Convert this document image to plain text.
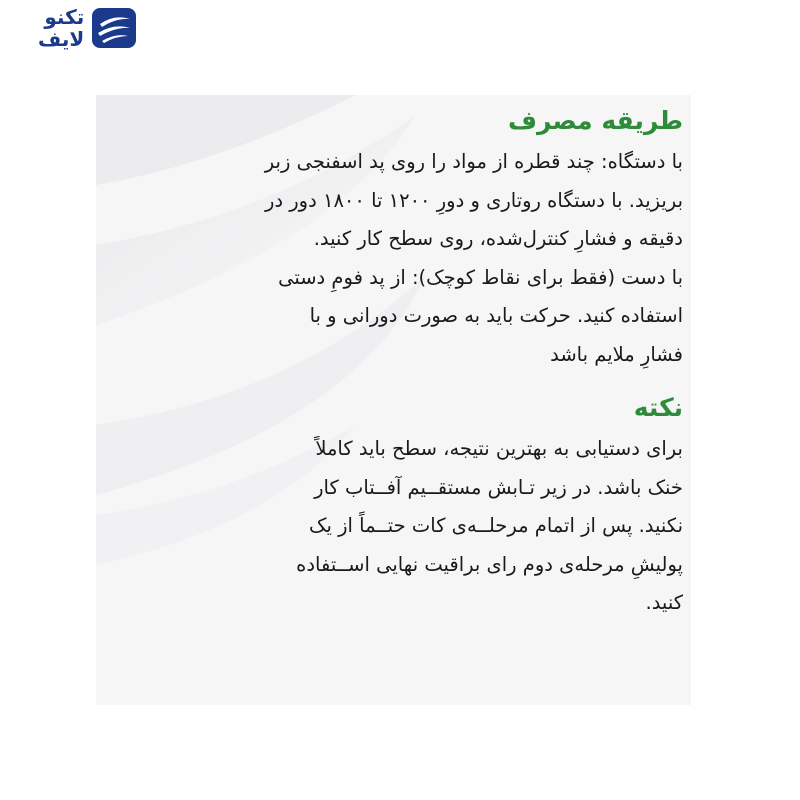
تکنو
لایف
طریقه مصرف

با دستگاه: چند قطره از مواد را روی پد اسفنجی زبر
بریزید. با دستگاه روتاری و دورِ ۱۲۰۰ تا ۱۸۰۰ دور در
دقیقه و فشارِ کنترل‌شده، روی سطح کار کنید.
با دست (فقط برای نقاط کوچک): از پد فومِ دستی
استفاده کنید. حرکت باید به صورت دورانی و با
فشارِ ملایم باشد

نکته

برای دستیابی به بهترین نتیجه، سطح باید کاملاً
خنک باشد. در زیر تـابش مستقــیم آفــتاب کار
نکنید. پس از اتمام مرحلــه‌ی کات حتــماً از یک
پولیشِ مرحله‌ی دوم رای براقیت نهایی اســتفاده
کنید.
